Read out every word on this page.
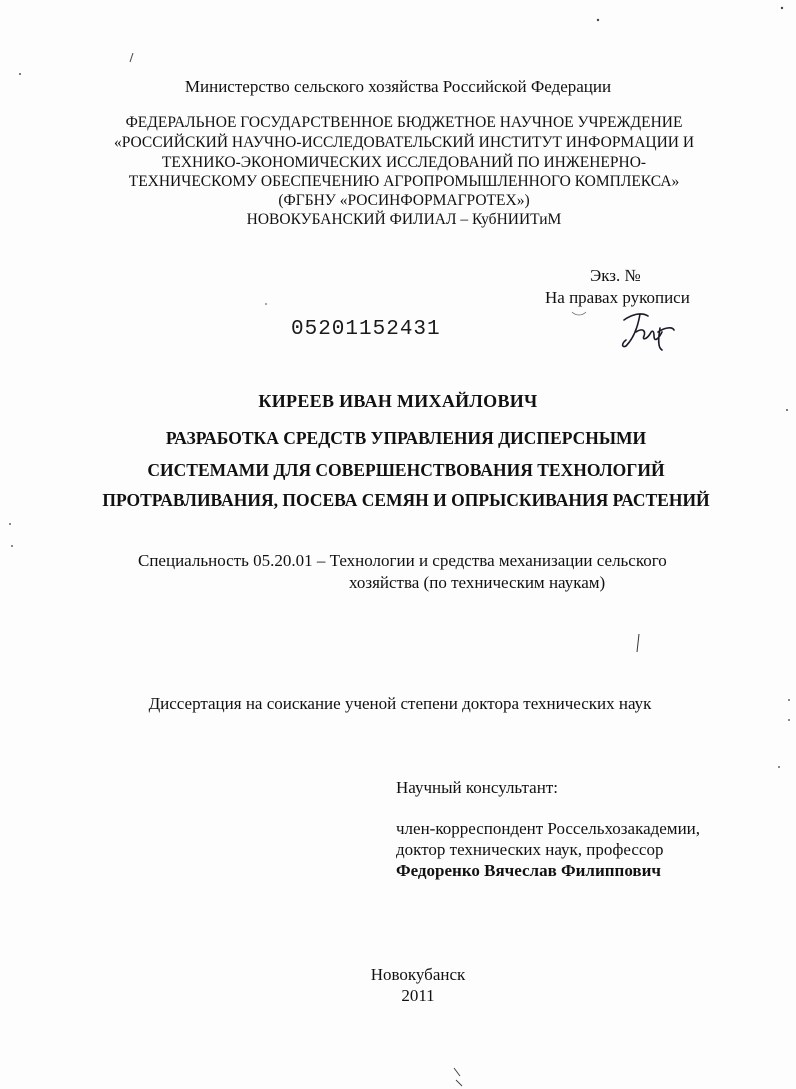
Министерство сельского хозяйства Российской Федерации
ФЕДЕРАЛЬНОЕ ГОСУДАРСТВЕННОЕ БЮДЖЕТНОЕ НАУЧНОЕ УЧРЕЖДЕНИЕ
«РОССИЙСКИЙ НАУЧНО-ИССЛЕДОВАТЕЛЬСКИЙ ИНСТИТУТ ИНФОРМАЦИИ И
ТЕХНИКО-ЭКОНОМИЧЕСКИХ ИССЛЕДОВАНИЙ ПО ИНЖЕНЕРНО-
ТЕХНИЧЕСКОМУ ОБЕСПЕЧЕНИЮ АГРОПРОМЫШЛЕННОГО КОМПЛЕКСА»
(ФГБНУ «РОСИНФОРМАГРОТЕХ»)
НОВОКУБАНСКИЙ ФИЛИАЛ – КубНИИТиМ
Экз. №
На правах рукописи
05201152431
КИРЕЕВ ИВАН МИХАЙЛОВИЧ
РАЗРАБОТКА СРЕДСТВ УПРАВЛЕНИЯ ДИСПЕРСНЫМИ
СИСТЕМАМИ ДЛЯ СОВЕРШЕНСТВОВАНИЯ ТЕХНОЛОГИЙ
ПРОТРАВЛИВАНИЯ, ПОСЕВА СЕМЯН И ОПРЫСКИВАНИЯ РАСТЕНИЙ
Специальность 05.20.01 – Технологии и средства механизации сельского
хозяйства (по техническим наукам)
Диссертация на соискание ученой степени доктора технических наук
Научный консультант:
член-корреспондент Россельхозакадемии,
доктор технических наук, профессор
Федоренко Вячеслав Филиппович
Новокубанск
2011
